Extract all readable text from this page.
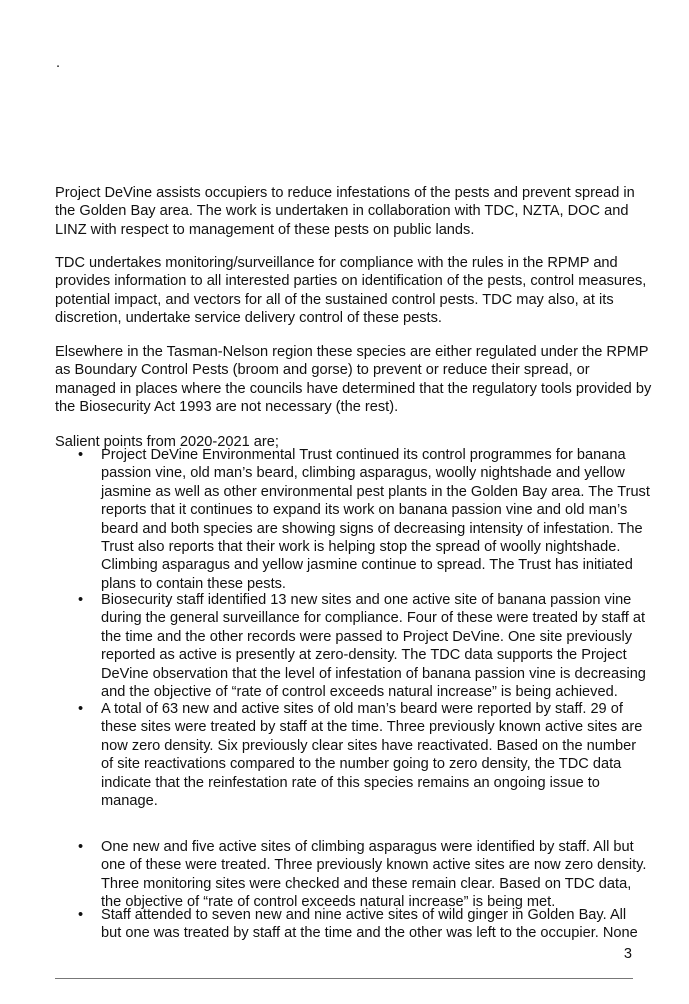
.
Project DeVine assists occupiers to reduce infestations of the pests and prevent spread in
the Golden Bay area. The work is undertaken in collaboration with TDC, NZTA, DOC and
LINZ with respect to management of these pests on public lands.
TDC undertakes monitoring/surveillance for compliance with the rules in the RPMP and
provides information to all interested parties on identification of the pests, control measures,
potential impact, and vectors for all of the sustained control pests. TDC may also, at its
discretion, undertake service delivery control of these pests.
Elsewhere in the Tasman-Nelson region these species are either regulated under the RPMP
as Boundary Control Pests (broom and gorse) to prevent or reduce their spread, or
managed in places where the councils have determined that the regulatory tools provided by
the Biosecurity Act 1993 are not necessary (the rest).
Salient points from 2020-2021 are;
• Project DeVine Environmental Trust continued its control programmes for banana
passion vine, old man’s beard, climbing asparagus, woolly nightshade and yellow
jasmine as well as other environmental pest plants in the Golden Bay area. The Trust
reports that it continues to expand its work on banana passion vine and old man’s
beard and both species are showing signs of decreasing intensity of infestation. The
Trust also reports that their work is helping stop the spread of woolly nightshade.
Climbing asparagus and yellow jasmine continue to spread. The Trust has initiated
plans to contain these pests.
• Biosecurity staff identified 13 new sites and one active site of banana passion vine
during the general surveillance for compliance. Four of these were treated by staff at
the time and the other records were passed to Project DeVine. One site previously
reported as active is presently at zero-density. The TDC data supports the Project
DeVine observation that the level of infestation of banana passion vine is decreasing
and the objective of “rate of control exceeds natural increase” is being achieved.
• A total of 63 new and active sites of old man’s beard were reported by staff. 29 of
these sites were treated by staff at the time. Three previously known active sites are
now zero density. Six previously clear sites have reactivated. Based on the number
of site reactivations compared to the number going to zero density, the TDC data
indicate that the reinfestation rate of this species remains an ongoing issue to
manage.
• One new and five active sites of climbing asparagus were identified by staff. All but
one of these were treated. Three previously known active sites are now zero density.
Three monitoring sites were checked and these remain clear. Based on TDC data,
the objective of “rate of control exceeds natural increase” is being met.
• Staff attended to seven new and nine active sites of wild ginger in Golden Bay. All
but one was treated by staff at the time and the other was left to the occupier. None
3
